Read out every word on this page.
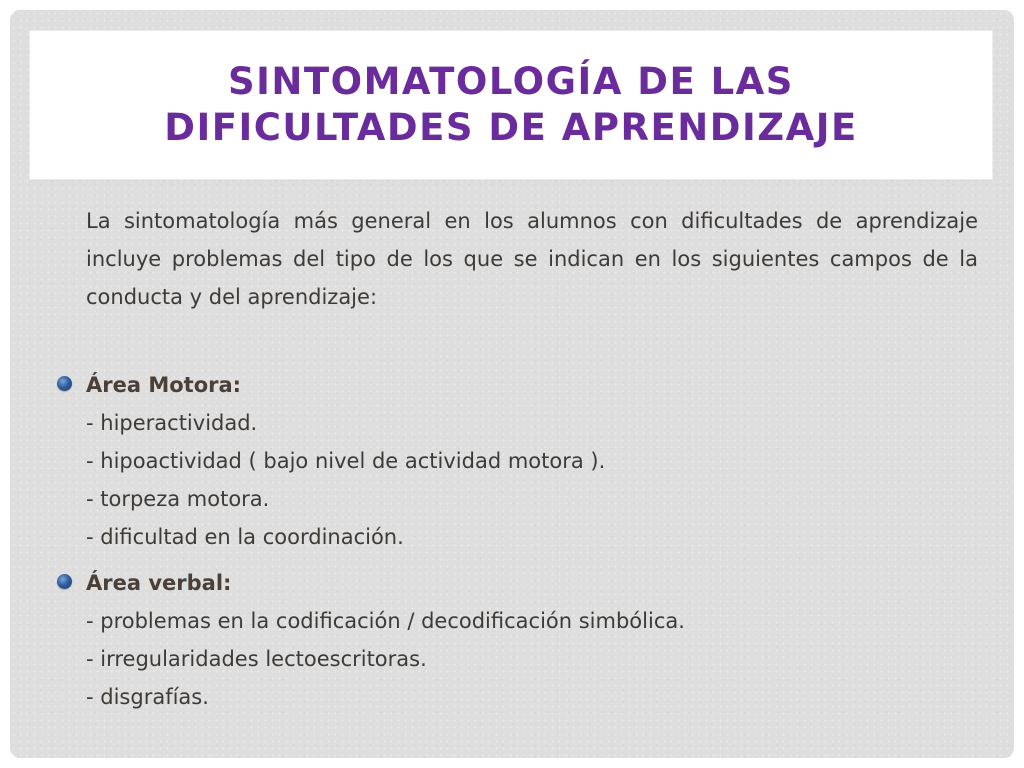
SINTOMATOLOGÍA DE LAS
DIFICULTADES DE APRENDIZAJE

La sintomatología más general en los alumnos con dificultades de aprendizaje incluye problemas del tipo de los que se indican en los siguientes campos de la conducta y del aprendizaje:

Área Motora:
- hiperactividad.
- hipoactividad ( bajo nivel de actividad motora ).
- torpeza motora.
- dificultad en la coordinación.
Área verbal:
- problemas en la codificación / decodificación simbólica.
- irregularidades lectoescritoras.
- disgrafías.
